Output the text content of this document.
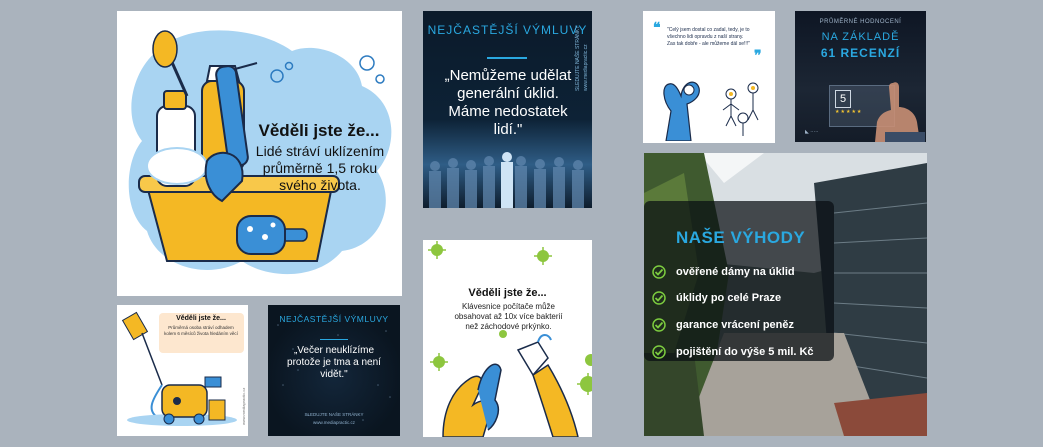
Věděli jste že...
Lidé stráví uklízením průměrně 1,5 roku svého života.
NEJČASTĚJŠÍ VÝMLUVY
„Nemůžeme udělat generální úklid. Máme nedostatek lidí."
SLEDUJTE NAŠE STRÁNKY www.mediapractic.cz
❝
❞
"Celý jsem dostal co zadal, tedy, je to všechno lidi opravdu z naší strany. Zas tak dobře - ale můžeme dál se!!!"
PRŮMĚRNÉ HODNOCENÍ
NA ZÁKLADĚ
61 RECENZÍ
5
★★★★★
◣ ·····
NAŠE VÝHODY
ověřené dámy na úklid
úklidy po celé Praze
garance vrácení peněz
pojištění do výše 5 mil. Kč
Věděli jste že...
Průměrná osoba stráví odhadem kolem 6 měsíců života hledáním věcí
www.mediapractic.cz
NEJČASTĚJŠÍ VÝMLUVY
„Večer neuklízíme protože je tma a není vidět."
SLEDUJTE NAŠE STRÁNKY
www.mediapractic.cz
Věděli jste že...
Klávesnice počítače může obsahovat až 10x více bakterií než záchodové prkýnko.
